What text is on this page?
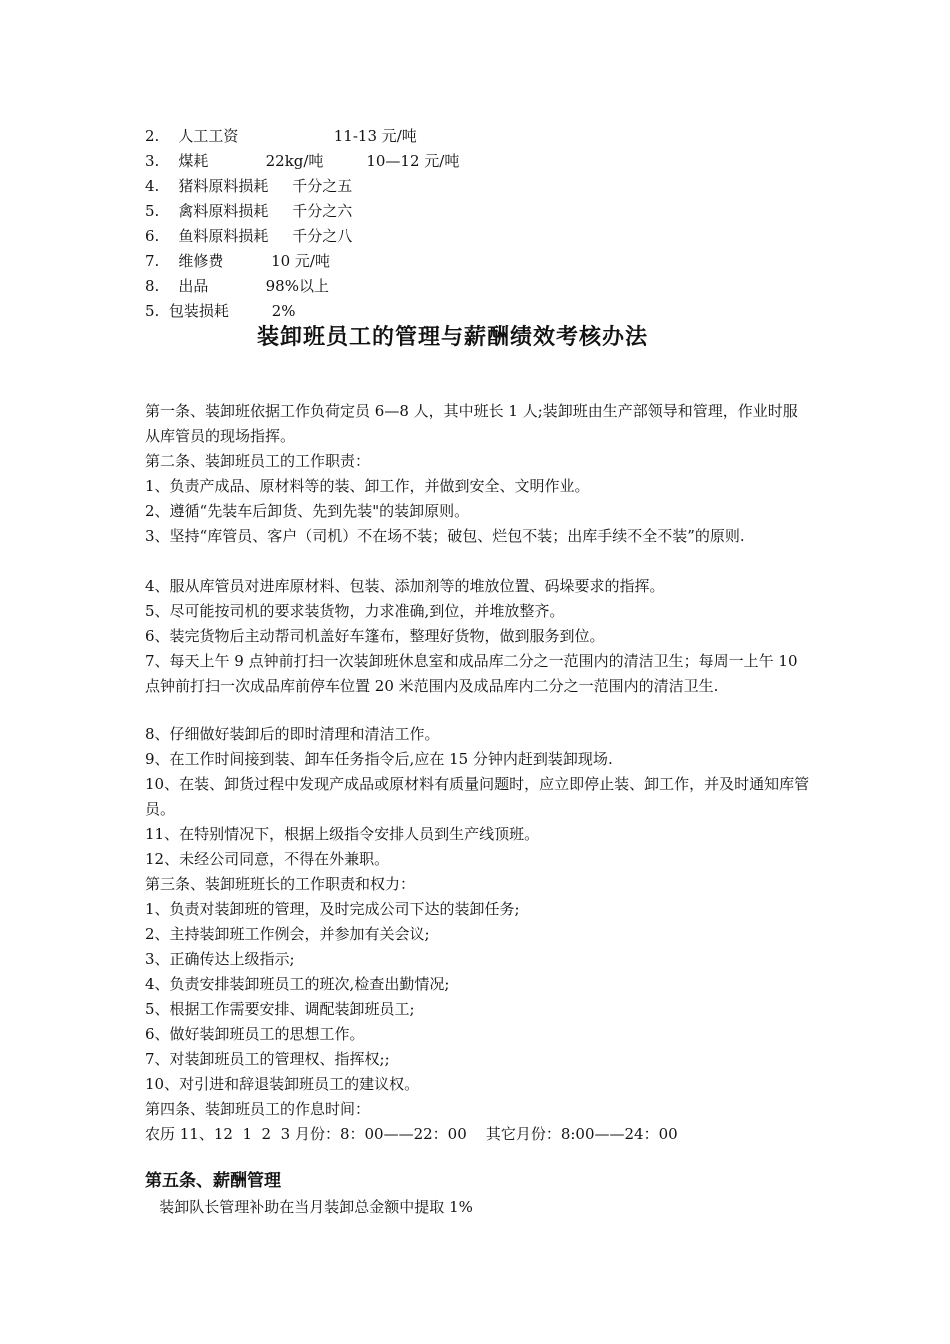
2.    人工工资                    11-13 元/吨
3.    煤耗            22kg/吨         10—12 元/吨
4.    猪料原料损耗     千分之五
5.    禽料原料损耗     千分之六
6.    鱼料原料损耗     千分之八
7.    维修费          10 元/吨
8.    出品            98%以上
5.  包装损耗         2%
装卸班员工的管理与薪酬绩效考核办法
第一条、装卸班依据工作负荷定员 6—8 人，其中班长 1 人;装卸班由生产部领导和管理，作业时服从库管员的现场指挥。
第二条、装卸班员工的工作职责：
1、负责产成品、原材料等的装、卸工作，并做到安全、文明作业。
2、遵循“先装车后卸货、先到先装"的装卸原则。
3、坚持“库管员、客户（司机）不在场不装；破包、烂包不装；出库手续不全不装”的原则.
4、服从库管员对进库原材料、包装、添加剂等的堆放位置、码垛要求的指挥。
5、尽可能按司机的要求装货物，力求准确,到位，并堆放整齐。
6、装完货物后主动帮司机盖好车篷布，整理好货物，做到服务到位。
7、每天上午 9 点钟前打扫一次装卸班休息室和成品库二分之一范围内的清洁卫生；每周一上午 10 点钟前打扫一次成品库前停车位置 20 米范围内及成品库内二分之一范围内的清洁卫生.
8、仔细做好装卸后的即时清理和清洁工作。
9、在工作时间接到装、卸车任务指令后,应在 15 分钟内赶到装卸现场.
10、在装、卸货过程中发现产成品或原材料有质量问题时，应立即停止装、卸工作，并及时通知库管员。
11、在特别情况下，根据上级指令安排人员到生产线顶班。
12、未经公司同意，不得在外兼职。
第三条、装卸班班长的工作职责和权力：
1、负责对装卸班的管理，及时完成公司下达的装卸任务;
2、主持装卸班工作例会，并参加有关会议;
3、正确传达上级指示;
4、负责安排装卸班员工的班次,检查出勤情况;
5、根据工作需要安排、调配装卸班员工;
6、做好装卸班员工的思想工作。
7、对装卸班员工的管理权、指挥权;;
10、对引进和辞退装卸班员工的建议权。
第四条、装卸班员工的作息时间：
农历 11、12  1  2  3 月份：8：00——22：00    其它月份：8:00——24：00
第五条、薪酬管理
装卸队长管理补助在当月装卸总金额中提取 1%
